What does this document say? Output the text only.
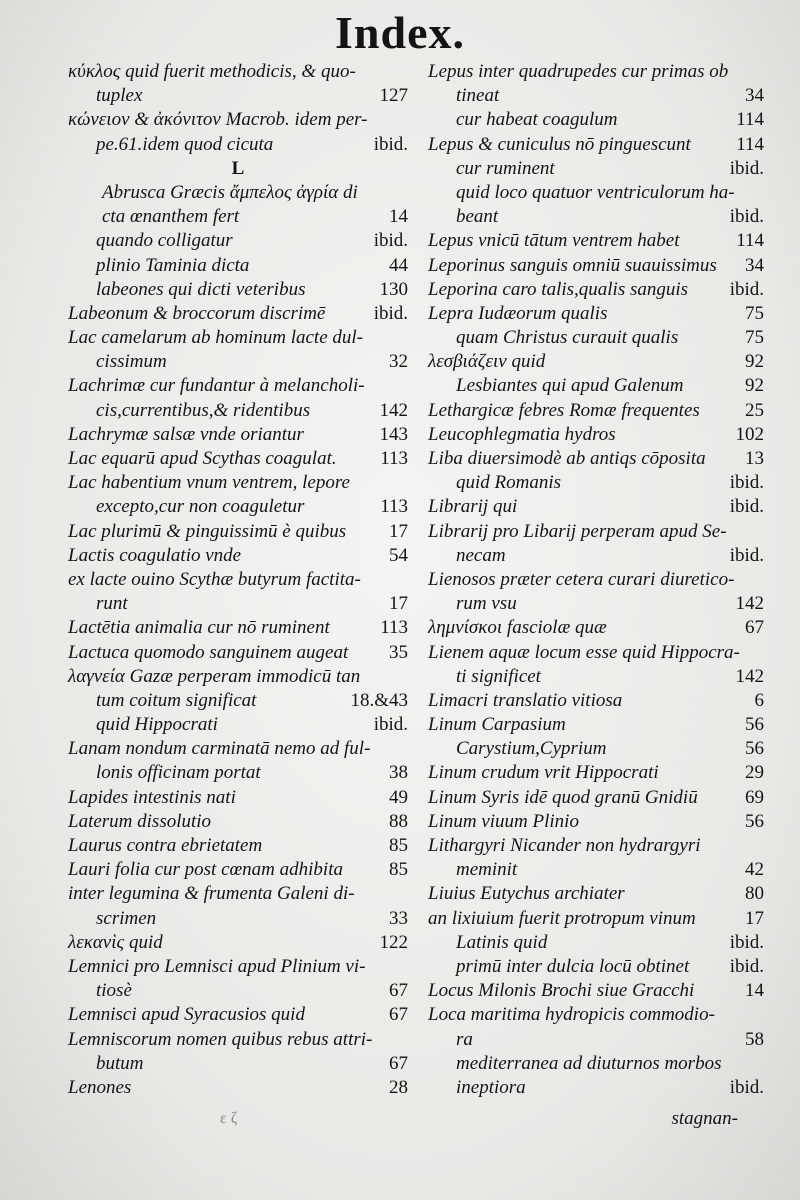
Index.
κύκλος quid fuerit methodicis, & quo-
tuplex	127
κώνειον & ἀκόνιτον Macrob. idem per-
pe.61.idem quod cicuta	ibid.
L
Abrusca Græcis ἄμπελος ἀγρία di
cta œnanthem fert	14
quando colligatur	ibid.
plinio Taminia dicta	44
labeones qui dicti veteribus	130
Labeonum & broccorum discrimē	ibid.
Lac camelarum ab hominum lacte dul-
cissimum	32
Lachrimæ cur fundantur à melancholi-
cis,currentibus,& ridentibus	142
Lachrymæ salsæ vnde oriantur	143
Lac equarū apud Scythas coagulat. 113
Lac habentium vnum ventrem, lepore
excepto,cur non coaguletur	113
Lac plurimū & pinguissimū è quibus 17
Lactis coagulatio vnde	54
ex lacte ouino Scythæ butyrum factita-
runt	17
Lactētia animalia cur nō ruminent	113
Lactuca quomodo sanguinem augeat 35
λαγνεία Gazæ perperam immodicū tan
tum coitum significat	18.&43
quid Hippocrati	ibid.
Lanam nondum carminatā nemo ad ful-
lonis officinam portat	38
Lapides intestinis nati	49
Laterum dissolutio	88
Laurus contra ebrietatem	85
Lauri folia cur post cœnam adhibita 85
inter legumina & frumenta Galeni di-
scrimen	33
λεκανὶς quid	122
Lemnici pro Lemnisci apud Plinium vi-
tiosè	67
Lemnisci apud Syracusios quid	67
Lemniscorum nomen quibus rebus attri-
butum	67
Lenones	28
Lepus inter quadrupedes cur primas ob
tineat	34
cur habeat coagulum	114
Lepus & cuniculus nō pinguescunt 114
cur ruminent	ibid.
quid loco quatuor ventriculorum ha-
beant	ibid.
Lepus vnicū tātum ventrem habet	114
Leporinus sanguis omniū suauissimus 34
Leporina caro talis,qualis sanguis ibid.
Lepra Iudæorum qualis	75
quam Christus curauit qualis	75
λεσβιάζειν quid	92
Lesbiantes qui apud Galenum	92
Lethargicæ febres Romæ frequentes 25
Leucophlegmatia hydros	102
Liba diuersimodè ab antiqs cōposita 13
quid Romanis	ibid.
Librarij qui	ibid.
Librarij pro Libarij perperam apud Se-
necam	ibid.
Lienosos præter cetera curari diuretico-
rum vsu	142
λημνίσκοι fasciolæ quæ	67
Lienem aquæ locum esse quid Hippocra-
ti significet	142
Limacri translatio vitiosa	6
Linum Carpasium	56
Carystium,Cyprium	56
Linum crudum vrit Hippocrati	29
Linum Syris idē quod granū Gnidiū 69
Linum viuum Plinio	56
Lithargyri Nicander non hydrargyri
meminit	42
Liuius Eutychus archiater	80
an lixiuium fuerit protropum vinum	17
Latinis quid	ibid.
primū inter dulcia locū obtinet ibid.
Locus Milonis Brochi siue Gracchi	14
Loca maritima hydropicis commodio-
ra	58
mediterranea ad diuturnos morbos
ineptiora	ibid.
ε ζ	stagnan-
